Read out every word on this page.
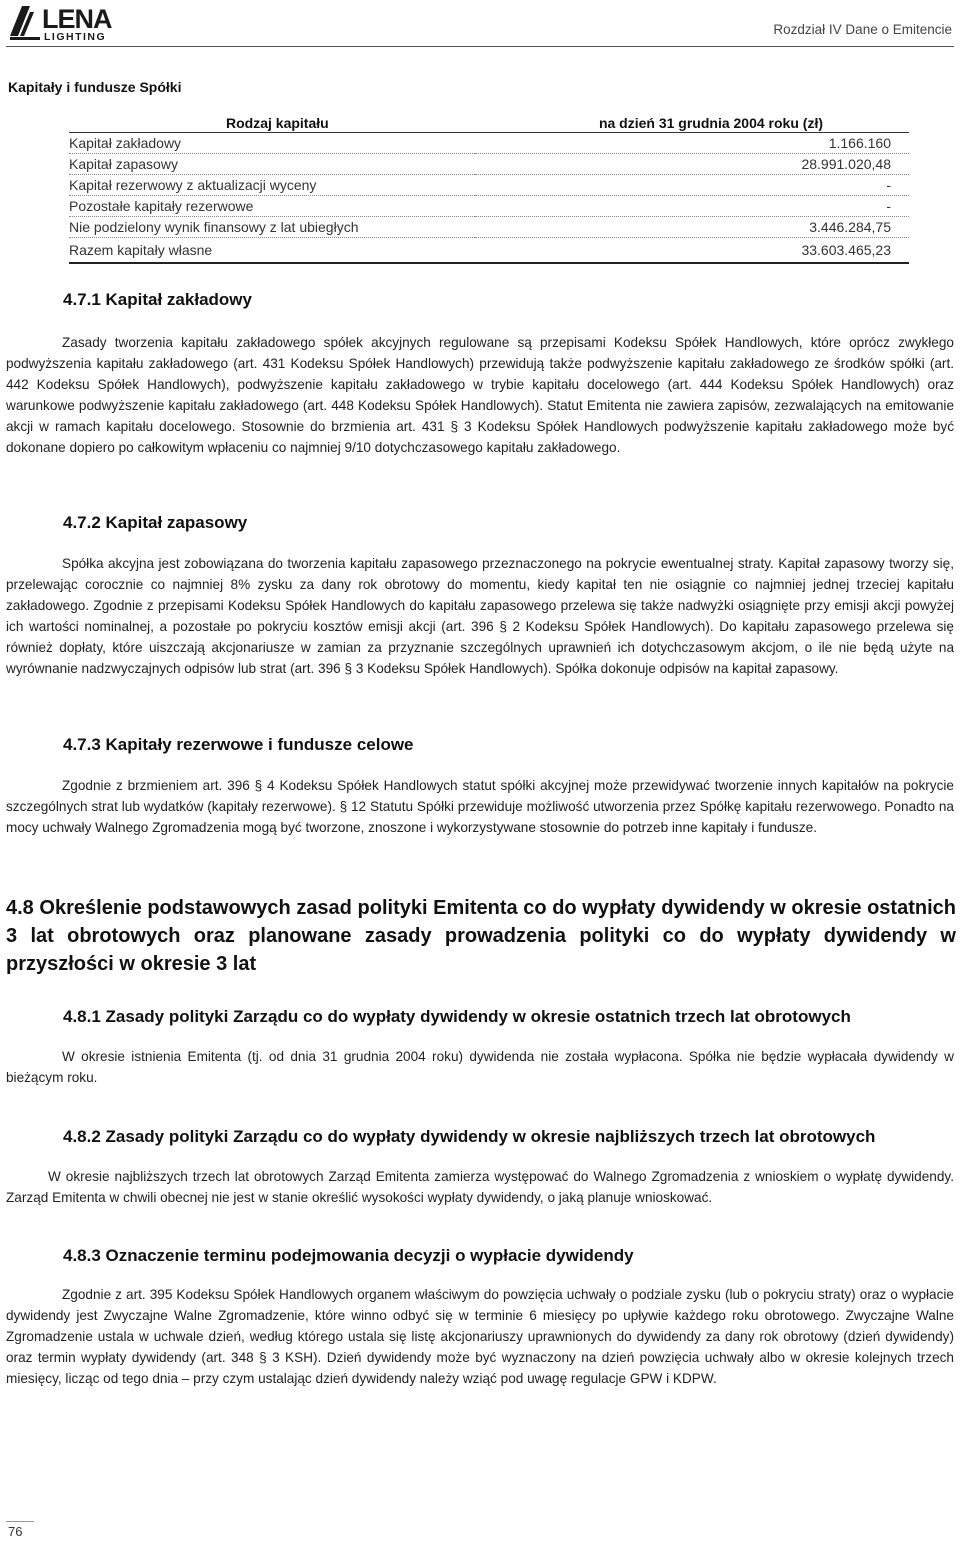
LENA
LIGHTING	Rozdział IV Dane o Emitencie
Kapitały i fundusze Spółki
Rodzaj kapitału	na dzień 31 grudnia 2004 roku (zł)
Kapitał zakładowy	1.166.160
Kapitał zapasowy	28.991.020,48
Kapitał rezerwowy z aktualizacji wyceny	-
Pozostałe kapitały rezerwowe	-
Nie podzielony wynik finansowy z lat ubiegłych	3.446.284,75
Razem kapitały własne	33.603.465,23
4.7.1 Kapitał zakładowy
Zasady tworzenia kapitału zakładowego spółek akcyjnych regulowane są przepisami Kodeksu Spółek Handlowych, które oprócz zwykłego podwyższenia kapitału zakładowego (art. 431 Kodeksu Spółek Handlowych) przewidują także podwyższenie kapitału zakładowego ze środków spółki (art. 442 Kodeksu Spółek Handlowych), podwyższenie kapitału zakładowego w trybie kapitału docelowego (art. 444 Kodeksu Spółek Handlowych) oraz warunkowe podwyższenie kapitału zakładowego (art. 448 Kodeksu Spółek Handlowych). Statut Emitenta nie zawiera zapisów, zezwalających na emitowanie akcji w ramach kapitału docelowego. Stosownie do brzmienia art. 431 § 3 Kodeksu Spółek Handlowych podwyższenie kapitału zakładowego może być dokonane dopiero po całkowitym wpłaceniu co najmniej 9/10 dotychczasowego kapitału zakładowego.
4.7.2 Kapitał zapasowy
Spółka akcyjna jest zobowiązana do tworzenia kapitału zapasowego przeznaczonego na pokrycie ewentualnej straty. Kapitał zapasowy tworzy się, przelewając corocznie co najmniej 8% zysku za dany rok obrotowy do momentu, kiedy kapitał ten nie osiągnie co najmniej jednej trzeciej kapitału zakładowego. Zgodnie z przepisami Kodeksu Spółek Handlowych do kapitału zapasowego przelewa się także nadwyżki osiągnięte przy emisji akcji powyżej ich wartości nominalnej, a pozostałe po pokryciu kosztów emisji akcji (art. 396 § 2 Kodeksu Spółek Handlowych). Do kapitału zapasowego przelewa się również dopłaty, które uiszczają akcjonariusze w zamian za przyznanie szczególnych uprawnień ich dotychczasowym akcjom, o ile nie będą użyte na wyrównanie nadzwyczajnych odpisów lub strat (art. 396 § 3 Kodeksu Spółek Handlowych). Spółka dokonuje odpisów na kapitał zapasowy.
4.7.3 Kapitały rezerwowe i fundusze celowe
Zgodnie z brzmieniem art. 396 § 4 Kodeksu Spółek Handlowych statut spółki akcyjnej może przewidywać tworzenie innych kapitałów na pokrycie szczególnych strat lub wydatków (kapitały rezerwowe). § 12 Statutu Spółki przewiduje możliwość utworzenia przez Spółkę kapitału rezerwowego. Ponadto na mocy uchwały Walnego Zgromadzenia mogą być tworzone, znoszone i wykorzystywane stosownie do potrzeb inne kapitały i fundusze.
4.8 Określenie podstawowych zasad polityki Emitenta co do wypłaty dywidendy w okresie ostatnich 3 lat obrotowych oraz planowane zasady prowadzenia polityki co do wypłaty dywidendy w przyszłości w okresie 3 lat
4.8.1 Zasady polityki Zarządu co do wypłaty dywidendy w okresie ostatnich trzech lat obrotowych
W okresie istnienia Emitenta (tj. od dnia 31 grudnia 2004 roku) dywidenda nie została wypłacona. Spółka nie będzie wypłacała dywidendy w bieżącym roku.
4.8.2 Zasady polityki Zarządu co do wypłaty dywidendy w okresie najbliższych trzech lat obrotowych
W okresie najbliższych trzech lat obrotowych Zarząd Emitenta zamierza występować do Walnego Zgromadzenia z wnioskiem o wypłatę dywidendy. Zarząd Emitenta w chwili obecnej nie jest w stanie określić wysokości wypłaty dywidendy, o jaką planuje wnioskować.
4.8.3 Oznaczenie terminu podejmowania decyzji o wypłacie dywidendy
Zgodnie z art. 395 Kodeksu Spółek Handlowych organem właściwym do powzięcia uchwały o podziale zysku (lub o pokryciu straty) oraz o wypłacie dywidendy jest Zwyczajne Walne Zgromadzenie, które winno odbyć się w terminie 6 miesięcy po upływie każdego roku obrotowego. Zwyczajne Walne Zgromadzenie ustala w uchwale dzień, według którego ustala się listę akcjonariuszy uprawnionych do dywidendy za dany rok obrotowy (dzień dywidendy) oraz termin wypłaty dywidendy (art. 348 § 3 KSH). Dzień dywidendy może być wyznaczony na dzień powzięcia uchwały albo w okresie kolejnych trzech miesięcy, licząc od tego dnia – przy czym ustalając dzień dywidendy należy wziąć pod uwagę regulacje GPW i KDPW.
76
